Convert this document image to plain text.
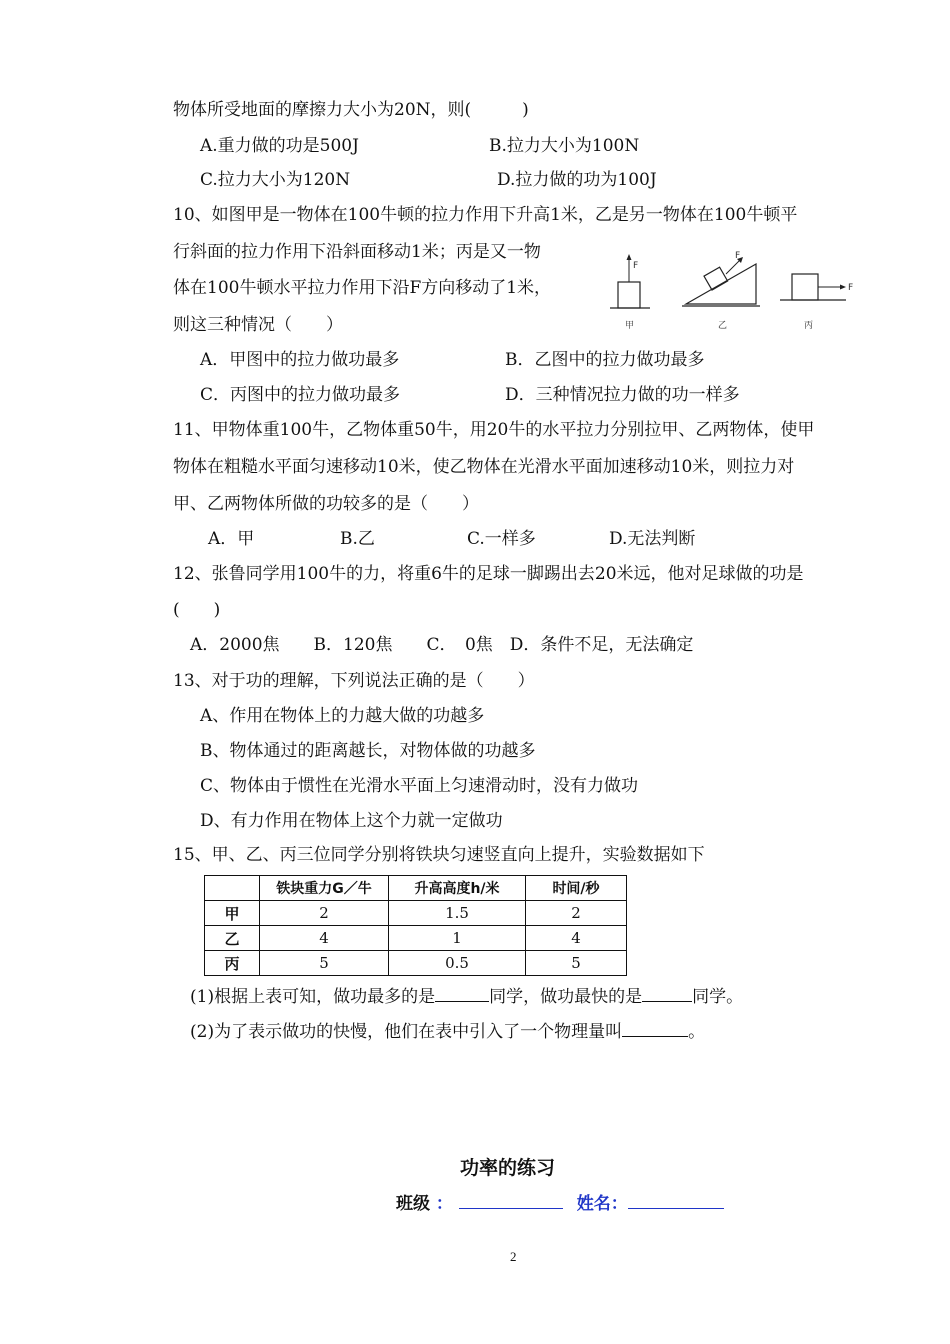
物体所受地面的摩擦力大小为20N，则(　　　)
A.重力做的功是500J	B.拉力大小为100N
C.拉力大小为120N	D.拉力做的功为100J
10、如图甲是一物体在100牛顿的拉力作用下升高1米，乙是另一物体在100牛顿平
行斜面的拉力作用下沿斜面移动1米；丙是又一物
体在100牛顿水平拉力作用下沿F方向移动了1米，
则这三种情况（　　）
F
甲
F
乙
F
丙
A．甲图中的拉力做功最多	B．乙图中的拉力做功最多
C．丙图中的拉力做功最多	D．三种情况拉力做的功一样多
11、甲物体重100牛，乙物体重50牛，用20牛的水平拉力分别拉甲、乙两物体，使甲
物体在粗糙水平面匀速移动10米，使乙物体在光滑水平面加速移动10米，则拉力对
甲、乙两物体所做的功较多的是（　　）
A．甲	B.乙	C.一样多	D.无法判断
12、张鲁同学用100牛的力，将重6牛的足球一脚踢出去20米远，他对足球做的功是
(　　)
A．2000焦　　B．120焦　　C．　0焦　D．条件不足，无法确定
13、对于功的理解，下列说法正确的是（　　）
A、作用在物体上的力越大做的功越多
B、物体通过的距离越长，对物体做的功越多
C、物体由于惯性在光滑水平面上匀速滑动时，没有力做功
D、有力作用在物体上这个力就一定做功
15、甲、乙、丙三位同学分别将铁块匀速竖直向上提升，实验数据如下
	铁块重力G／牛	升高高度h/米	时间/秒
甲	2	1.5	2
乙	4	1	4
丙	5	0.5	5
(1)根据上表可知，做功最多的是	同学，做功最快的是	同学。
(2)为了表示做功的快慢，他们在表中引入了一个物理量叫	。
功率的练习
班级 ：	姓名：
2
